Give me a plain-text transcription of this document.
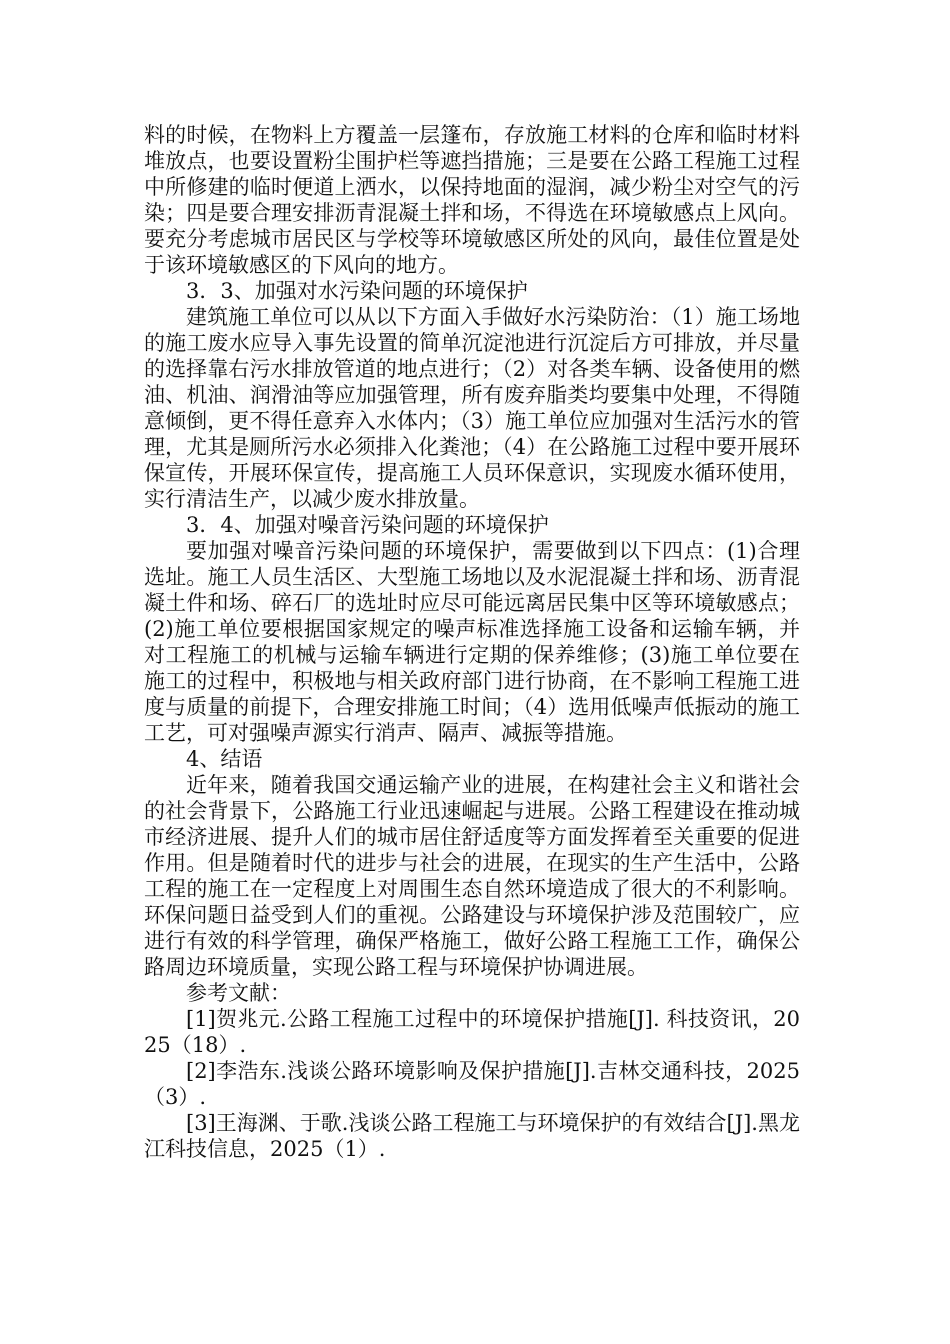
料的时候，在物料上方覆盖一层篷布，存放施工材料的仓库和临时材料堆放点，也要设置粉尘围护栏等遮挡措施；三是要在公路工程施工过程中所修建的临时便道上洒水，以保持地面的湿润，减少粉尘对空气的污染；四是要合理安排沥青混凝土拌和场，不得选在环境敏感点上风向。要充分考虑城市居民区与学校等环境敏感区所处的风向，最佳位置是处于该环境敏感区的下风向的地方。

3．3、加强对水污染问题的环境保护

建筑施工单位可以从以下方面入手做好水污染防治：（1）施工场地的施工废水应导入事先设置的简单沉淀池进行沉淀后方可排放，并尽量的选择靠右污水排放管道的地点进行；（2）对各类车辆、设备使用的燃油、机油、润滑油等应加强管理，所有废弃脂类均要集中处理，不得随意倾倒，更不得任意弃入水体内；（3）施工单位应加强对生活污水的管理，尤其是厕所污水必须排入化粪池；（4）在公路施工过程中要开展环保宣传，开展环保宣传，提高施工人员环保意识，实现废水循环使用，实行清洁生产，以减少废水排放量。

3．4、加强对噪音污染问题的环境保护

要加强对噪音污染问题的环境保护，需要做到以下四点：(1)合理选址。施工人员生活区、大型施工场地以及水泥混凝土拌和场、沥青混凝土件和场、碎石厂的选址时应尽可能远离居民集中区等环境敏感点；(2)施工单位要根据国家规定的噪声标准选择施工设备和运输车辆，并对工程施工的机械与运输车辆进行定期的保养维修；(3)施工单位要在施工的过程中，积极地与相关政府部门进行协商，在不影响工程施工进度与质量的前提下，合理安排施工时间；（4）选用低噪声低振动的施工工艺，可对强噪声源实行消声、隔声、减振等措施。

4、结语

近年来，随着我国交通运输产业的进展，在构建社会主义和谐社会的社会背景下，公路施工行业迅速崛起与进展。公路工程建设在推动城市经济进展、提升人们的城市居住舒适度等方面发挥着至关重要的促进作用。但是随着时代的进步与社会的进展，在现实的生产生活中，公路工程的施工在一定程度上对周围生态自然环境造成了很大的不利影响。环保问题日益受到人们的重视。公路建设与环境保护涉及范围较广，应进行有效的科学管理，确保严格施工，做好公路工程施工工作，确保公路周边环境质量，实现公路工程与环境保护协调进展。

参考文献：

[1]贺兆元.公路工程施工过程中的环境保护措施[J]. 科技资讯，2025（18）.

[2]李浩东.浅谈公路环境影响及保护措施[J].吉林交通科技，2025（3）.

[3]王海渊、于歌.浅谈公路工程施工与环境保护的有效结合[J].黑龙江科技信息，2025（1）.
